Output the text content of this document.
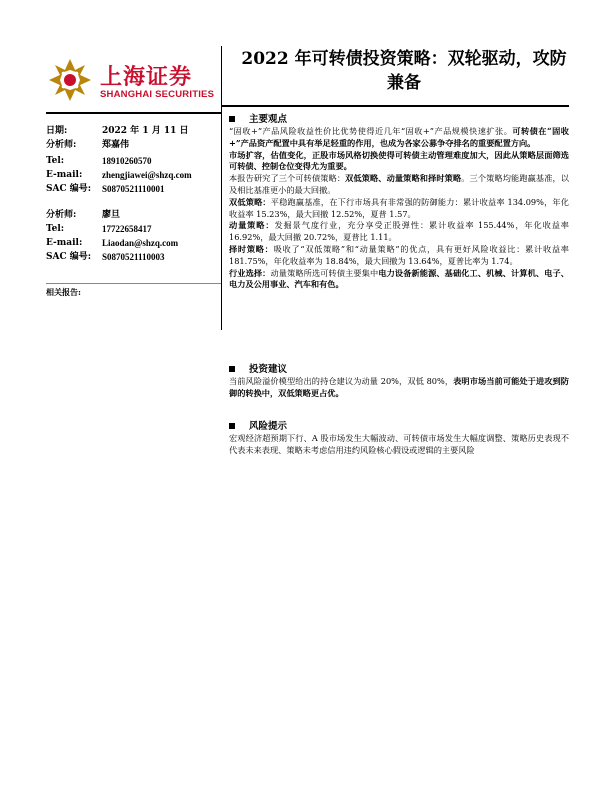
上海证券
SHANGHAI SECURITIES
2022 年可转债投资策略：双轮驱动，攻防兼备
日期:	2022 年 1 月 11 日
分析师:	郑嘉伟
Tel:	18910260570
E-mail:	zhengjiawei@shzq.com
SAC 编号:	S0870521110001
分析师:	廖旦
Tel:	17722658417
E-mail:	Liaodan@shzq.com
SAC 编号:	S0870521110003
相关报告:
主要观点

“固收+”产品风险收益性价比优势使得近几年“固收+”产品规模快速扩张。可转债在“固收+”产品资产配置中具有举足轻重的作用，也成为各家公募争夺排名的重要配置方向。

市场扩容，估值变化，正股市场风格切换使得可转债主动管理难度加大，因此从策略层面筛选可转债、控制仓位变得尤为重要。

本报告研究了三个可转债策略：双低策略、动量策略和择时策略。三个策略均能跑赢基准，以及相比基准更小的最大回撤。

双低策略：平稳跑赢基准，在下行市场具有非常强的防御能力：累计收益率 134.09%，年化收益率 15.23%，最大回撤 12.52%，夏普 1.57。

动量策略：发掘景气度行业，充分享受正股弹性：累计收益率 155.44%，年化收益率 16.92%，最大回撤 20.72%，夏普比 1.11。

择时策略：吸收了“双低策略”和“动量策略”的优点，具有更好风险收益比：累计收益率 181.75%，年化收益率为 18.84%，最大回撤为 13.64%，夏普比率为 1.74。

行业选择：动量策略所选可转债主要集中电力设备新能源、基础化工、机械、计算机、电子、电力及公用事业、汽车和有色。

投资建议

当前风险溢价模型给出的持仓建议为动量 20%，双低 80%，表明市场当前可能处于进攻到防御的转换中，双低策略更占优。

风险提示

宏观经济超预期下行、A 股市场发生大幅波动、可转债市场发生大幅度调整、策略历史表现不代表未来表现、策略未考虑信用违约风险核心假设或逻辑的主要风险
